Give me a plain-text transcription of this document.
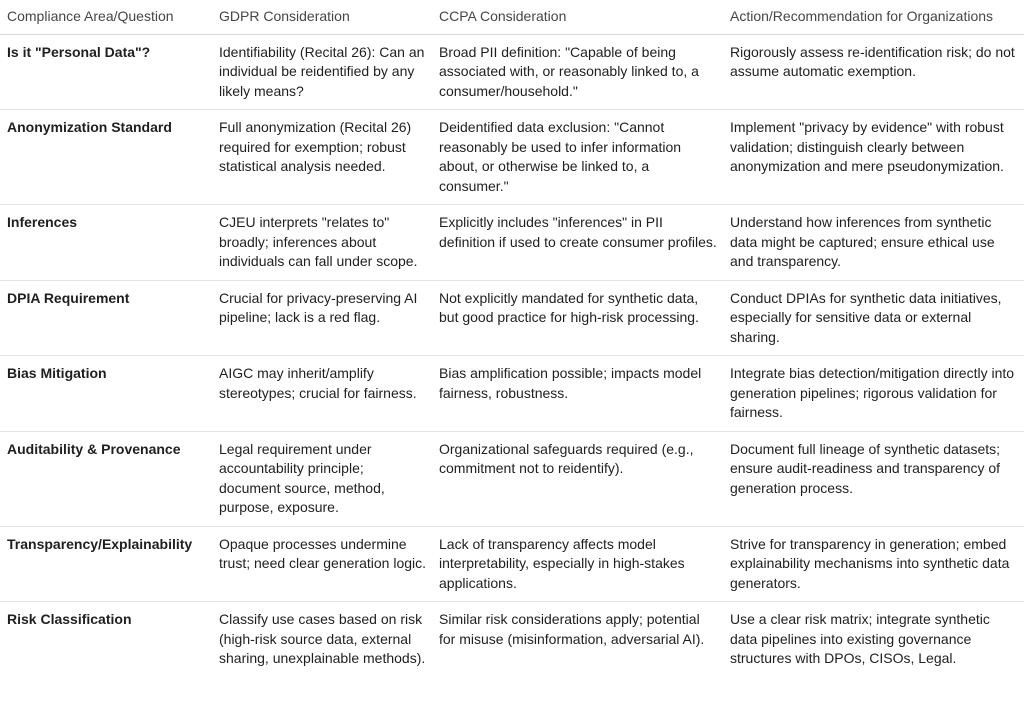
Compliance Area/Question	GDPR Consideration	CCPA Consideration	Action/Recommendation for Organizations
Is it "Personal Data"?	Identifiability (Recital 26): Can an individual be reidentified by any likely means?	Broad PII definition: "Capable of being associated with, or reasonably linked to, a consumer/household."	Rigorously assess re-identification risk; do not assume automatic exemption.
Anonymization Standard	Full anonymization (Recital 26) required for exemption; robust statistical analysis needed.	Deidentified data exclusion: "Cannot reasonably be used to infer information about, or otherwise be linked to, a consumer."	Implement "privacy by evidence" with robust validation; distinguish clearly between anonymization and mere pseudonymization.
Inferences	CJEU interprets "relates to" broadly; inferences about individuals can fall under scope.	Explicitly includes "inferences" in PII definition if used to create consumer profiles.	Understand how inferences from synthetic data might be captured; ensure ethical use and transparency.
DPIA Requirement	Crucial for privacy-preserving AI pipeline; lack is a red flag.	Not explicitly mandated for synthetic data, but good practice for high-risk processing.	Conduct DPIAs for synthetic data initiatives, especially for sensitive data or external sharing.
Bias Mitigation	AIGC may inherit/amplify stereotypes; crucial for fairness.	Bias amplification possible; impacts model fairness, robustness.	Integrate bias detection/mitigation directly into generation pipelines; rigorous validation for fairness.
Auditability & Provenance	Legal requirement under accountability principle; document source, method, purpose, exposure.	Organizational safeguards required (e.g., commitment not to reidentify).	Document full lineage of synthetic datasets; ensure audit-readiness and transparency of generation process.
Transparency/Explainability	Opaque processes undermine trust; need clear generation logic.	Lack of transparency affects model interpretability, especially in high-stakes applications.	Strive for transparency in generation; embed explainability mechanisms into synthetic data generators.
Risk Classification	Classify use cases based on risk (high-risk source data, external sharing, unexplainable methods).	Similar risk considerations apply; potential for misuse (misinformation, adversarial AI).	Use a clear risk matrix; integrate synthetic data pipelines into existing governance structures with DPOs, CISOs, Legal.
